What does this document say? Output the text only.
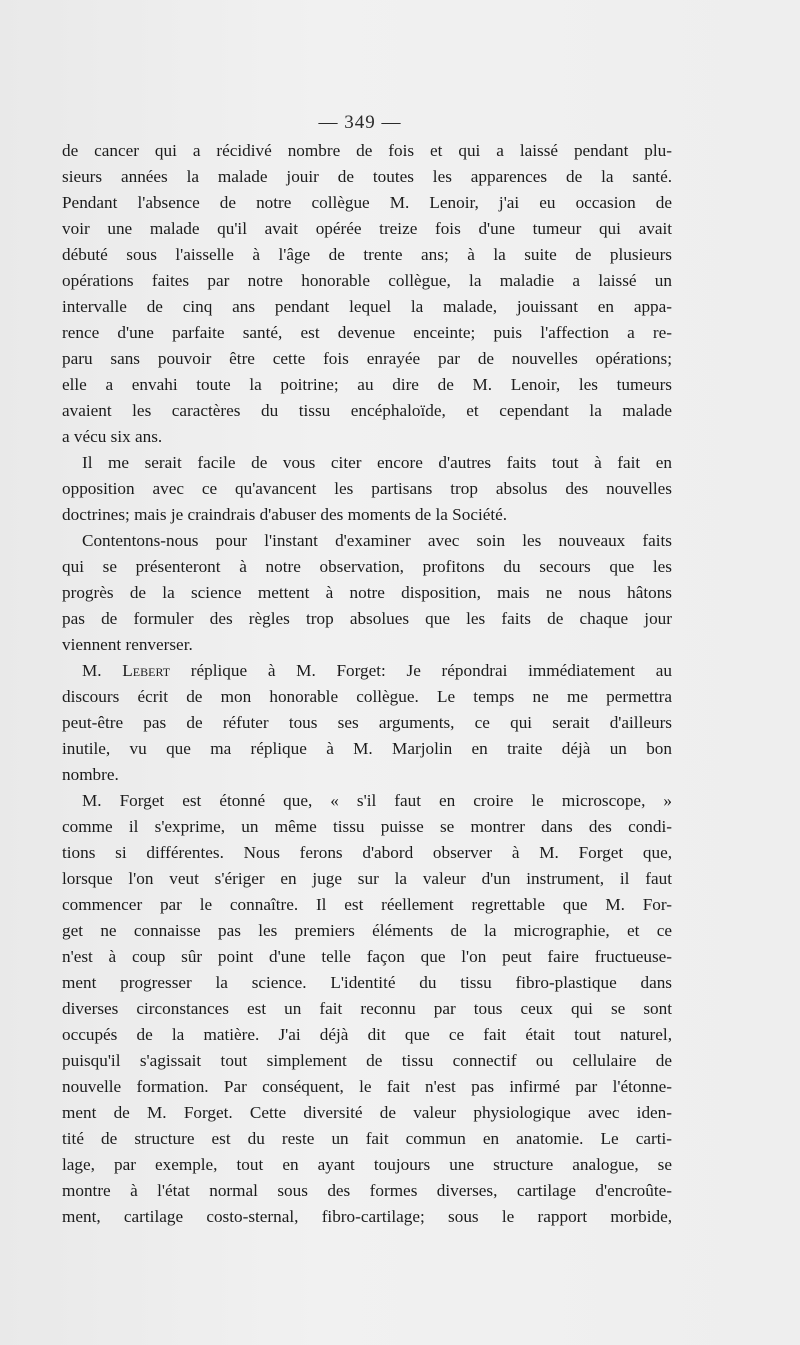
— 349 —
de cancer qui a récidivé nombre de fois et qui a laissé pendant plu-
sieurs années la malade jouir de toutes les apparences de la santé.
Pendant l'absence de notre collègue M. Lenoir, j'ai eu occasion de
voir une malade qu'il avait opérée treize fois d'une tumeur qui avait
débuté sous l'aisselle à l'âge de trente ans; à la suite de plusieurs
opérations faites par notre honorable collègue, la maladie a laissé un
intervalle de cinq ans pendant lequel la malade, jouissant en appa-
rence d'une parfaite santé, est devenue enceinte; puis l'affection a re-
paru sans pouvoir être cette fois enrayée par de nouvelles opérations;
elle a envahi toute la poitrine; au dire de M. Lenoir, les tumeurs
avaient les caractères du tissu encéphaloïde, et cependant la malade
a vécu six ans.
Il me serait facile de vous citer encore d'autres faits tout à fait en
opposition avec ce qu'avancent les partisans trop absolus des nouvelles
doctrines; mais je craindrais d'abuser des moments de la Société.
Contentons-nous pour l'instant d'examiner avec soin les nouveaux faits
qui se présenteront à notre observation, profitons du secours que les
progrès de la science mettent à notre disposition, mais ne nous hâtons
pas de formuler des règles trop absolues que les faits de chaque jour
viennent renverser.
M. Lebert réplique à M. Forget: Je répondrai immédiatement au
discours écrit de mon honorable collègue. Le temps ne me permettra
peut-être pas de réfuter tous ses arguments, ce qui serait d'ailleurs
inutile, vu que ma réplique à M. Marjolin en traite déjà un bon
nombre.
M. Forget est étonné que, « s'il faut en croire le microscope, »
comme il s'exprime, un même tissu puisse se montrer dans des condi-
tions si différentes. Nous ferons d'abord observer à M. Forget que,
lorsque l'on veut s'ériger en juge sur la valeur d'un instrument, il faut
commencer par le connaître. Il est réellement regrettable que M. For-
get ne connaisse pas les premiers éléments de la micrographie, et ce
n'est à coup sûr point d'une telle façon que l'on peut faire fructueuse-
ment progresser la science. L'identité du tissu fibro-plastique dans
diverses circonstances est un fait reconnu par tous ceux qui se sont
occupés de la matière. J'ai déjà dit que ce fait était tout naturel,
puisqu'il s'agissait tout simplement de tissu connectif ou cellulaire de
nouvelle formation. Par conséquent, le fait n'est pas infirmé par l'étonne-
ment de M. Forget. Cette diversité de valeur physiologique avec iden-
tité de structure est du reste un fait commun en anatomie. Le carti-
lage, par exemple, tout en ayant toujours une structure analogue, se
montre à l'état normal sous des formes diverses, cartilage d'encroûte-
ment, cartilage costo-sternal, fibro-cartilage; sous le rapport morbide,
